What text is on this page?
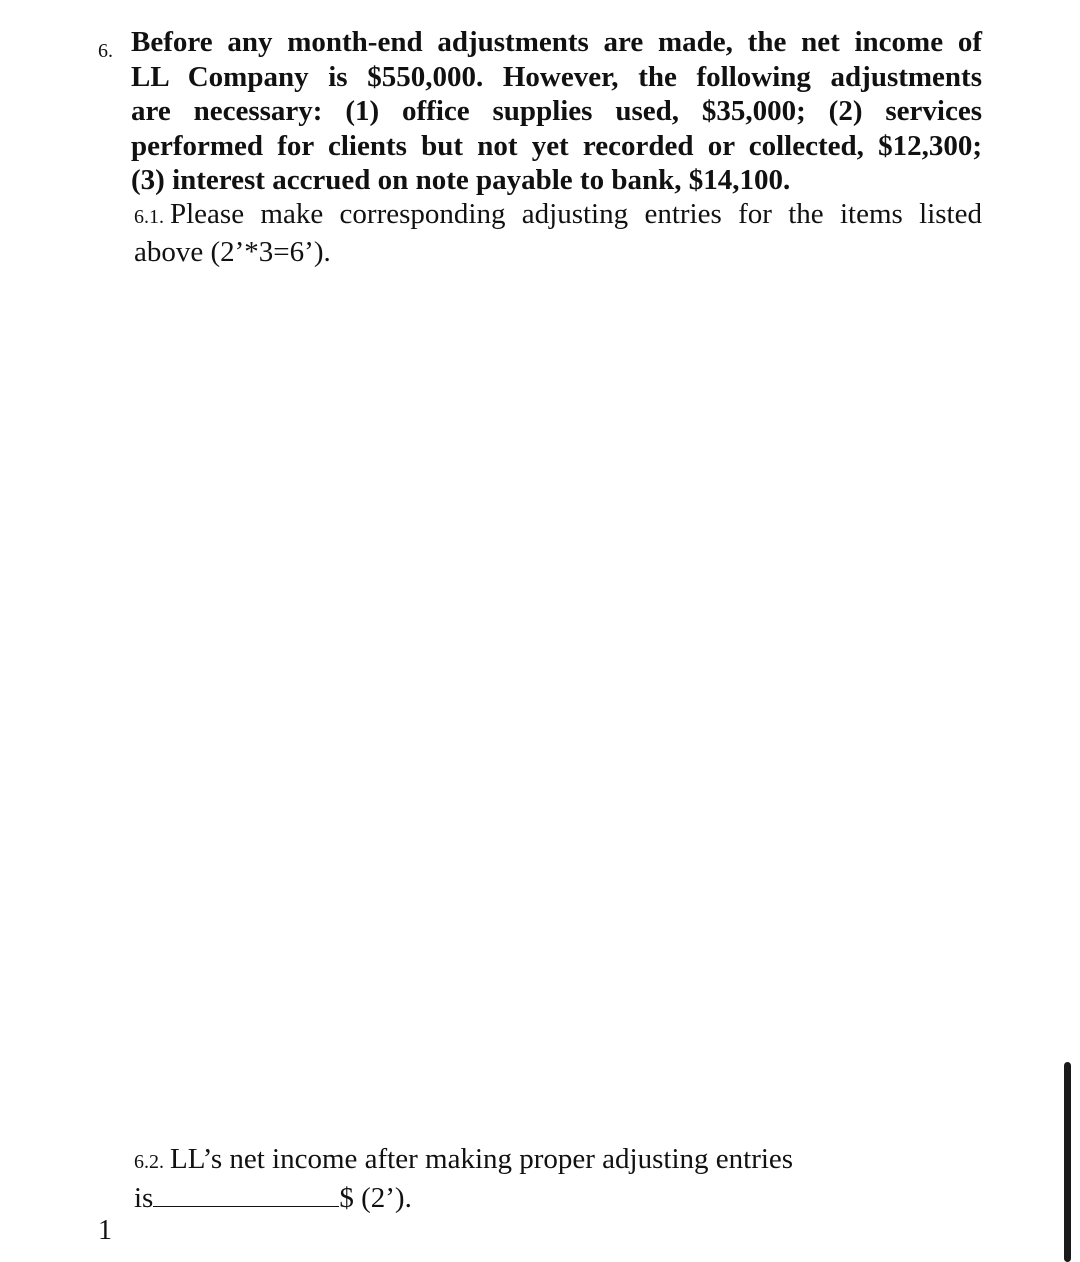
6. Before any month-end adjustments are made, the net income of
LL Company is $550,000. However, the following adjustments
are necessary: (1) office supplies used, $35,000; (2) services
performed for clients but not yet recorded or collected, $12,300;
(3) interest accrued on note payable to bank, $14,100.
6.1. Please make corresponding adjusting entries for the items listed
above (2’*3=6’).
6.2. LL’s net income after making proper adjusting entries
is	$ (2’).
1
